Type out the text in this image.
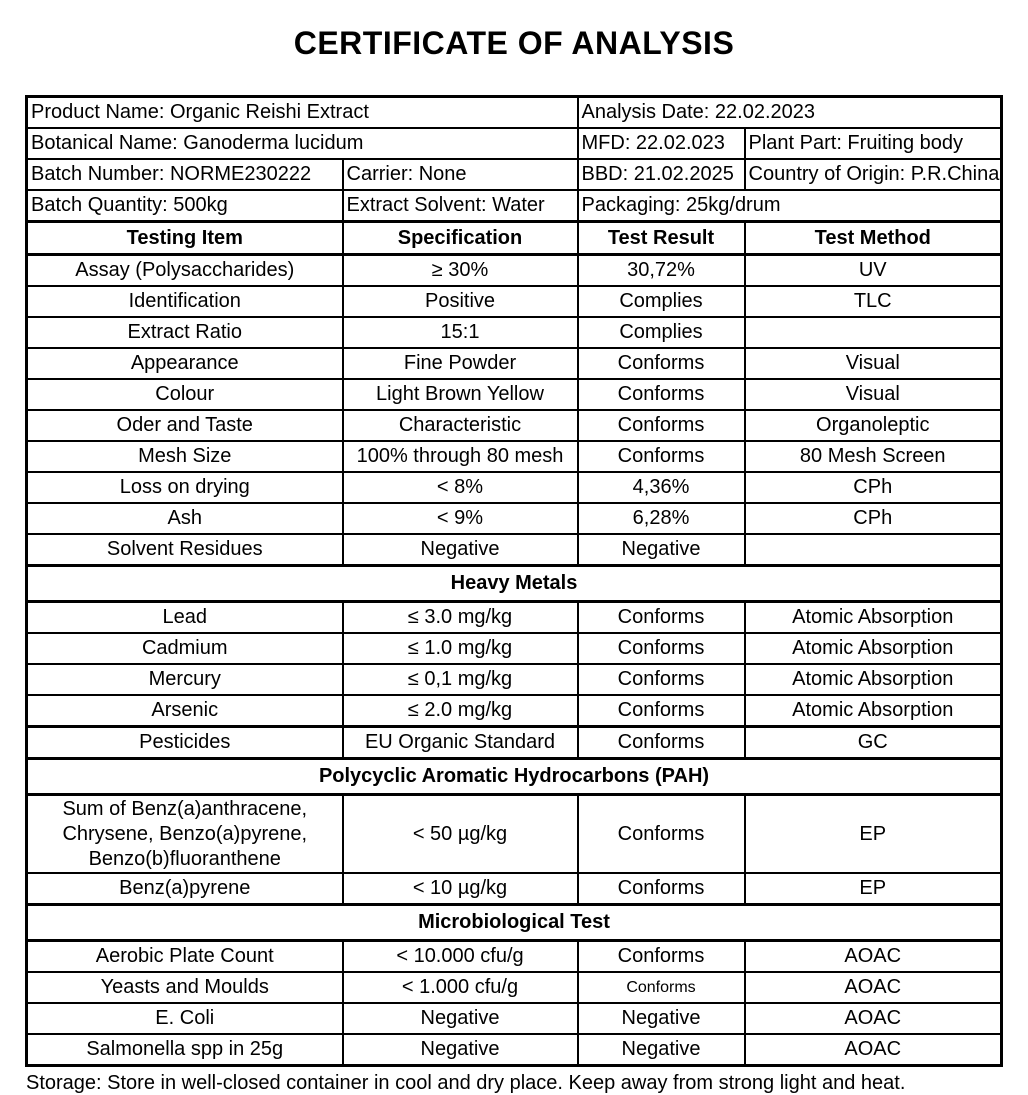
CERTIFICATE OF ANALYSIS
Product Name: Organic Reishi Extract		Analysis Date: 22.02.2023	
Botanical Name: Ganoderma lucidum		MFD: 22.02.023	Plant Part: Fruiting body
Batch Number: NORME230222	Carrier: None	BBD: 21.02.2025	Country of Origin: P.R.China
Batch Quantity: 500kg	Extract Solvent: Water	Packaging: 25kg/drum	
Testing Item	Specification	Test Result	Test Method
Assay (Polysaccharides)	≥ 30%	30,72%	UV
Identification	Positive	Complies	TLC
Extract Ratio	15:1	Complies	
Appearance	Fine Powder	Conforms	Visual
Colour	Light Brown Yellow	Conforms	Visual
Oder and Taste	Characteristic	Conforms	Organoleptic
Mesh Size	100% through 80 mesh	Conforms	80 Mesh Screen
Loss on drying	< 8%	4,36%	CPh
Ash	< 9%	6,28%	CPh
Solvent Residues	Negative	Negative	
Heavy Metals			
Lead	≤ 3.0 mg/kg	Conforms	Atomic Absorption
Cadmium	≤ 1.0 mg/kg	Conforms	Atomic Absorption
Mercury	≤ 0,1 mg/kg	Conforms	Atomic Absorption
Arsenic	≤ 2.0 mg/kg	Conforms	Atomic Absorption
Pesticides	EU Organic Standard	Conforms	GC
Polycyclic Aromatic Hydrocarbons (PAH)			
Sum of Benz(a)anthracene, Chrysene, Benzo(a)pyrene, Benzo(b)fluoranthene	< 50 µg/kg	Conforms	EP
Benz(a)pyrene	< 10 µg/kg	Conforms	EP
Microbiological Test			
Aerobic Plate Count	< 10.000 cfu/g	Conforms	AOAC
Yeasts and Moulds	< 1.000 cfu/g	Conforms	AOAC
E. Coli	Negative	Negative	AOAC
Salmonella spp in 25g	Negative	Negative	AOAC
Storage: Store in well-closed container in cool and dry place. Keep away from strong light and heat.
